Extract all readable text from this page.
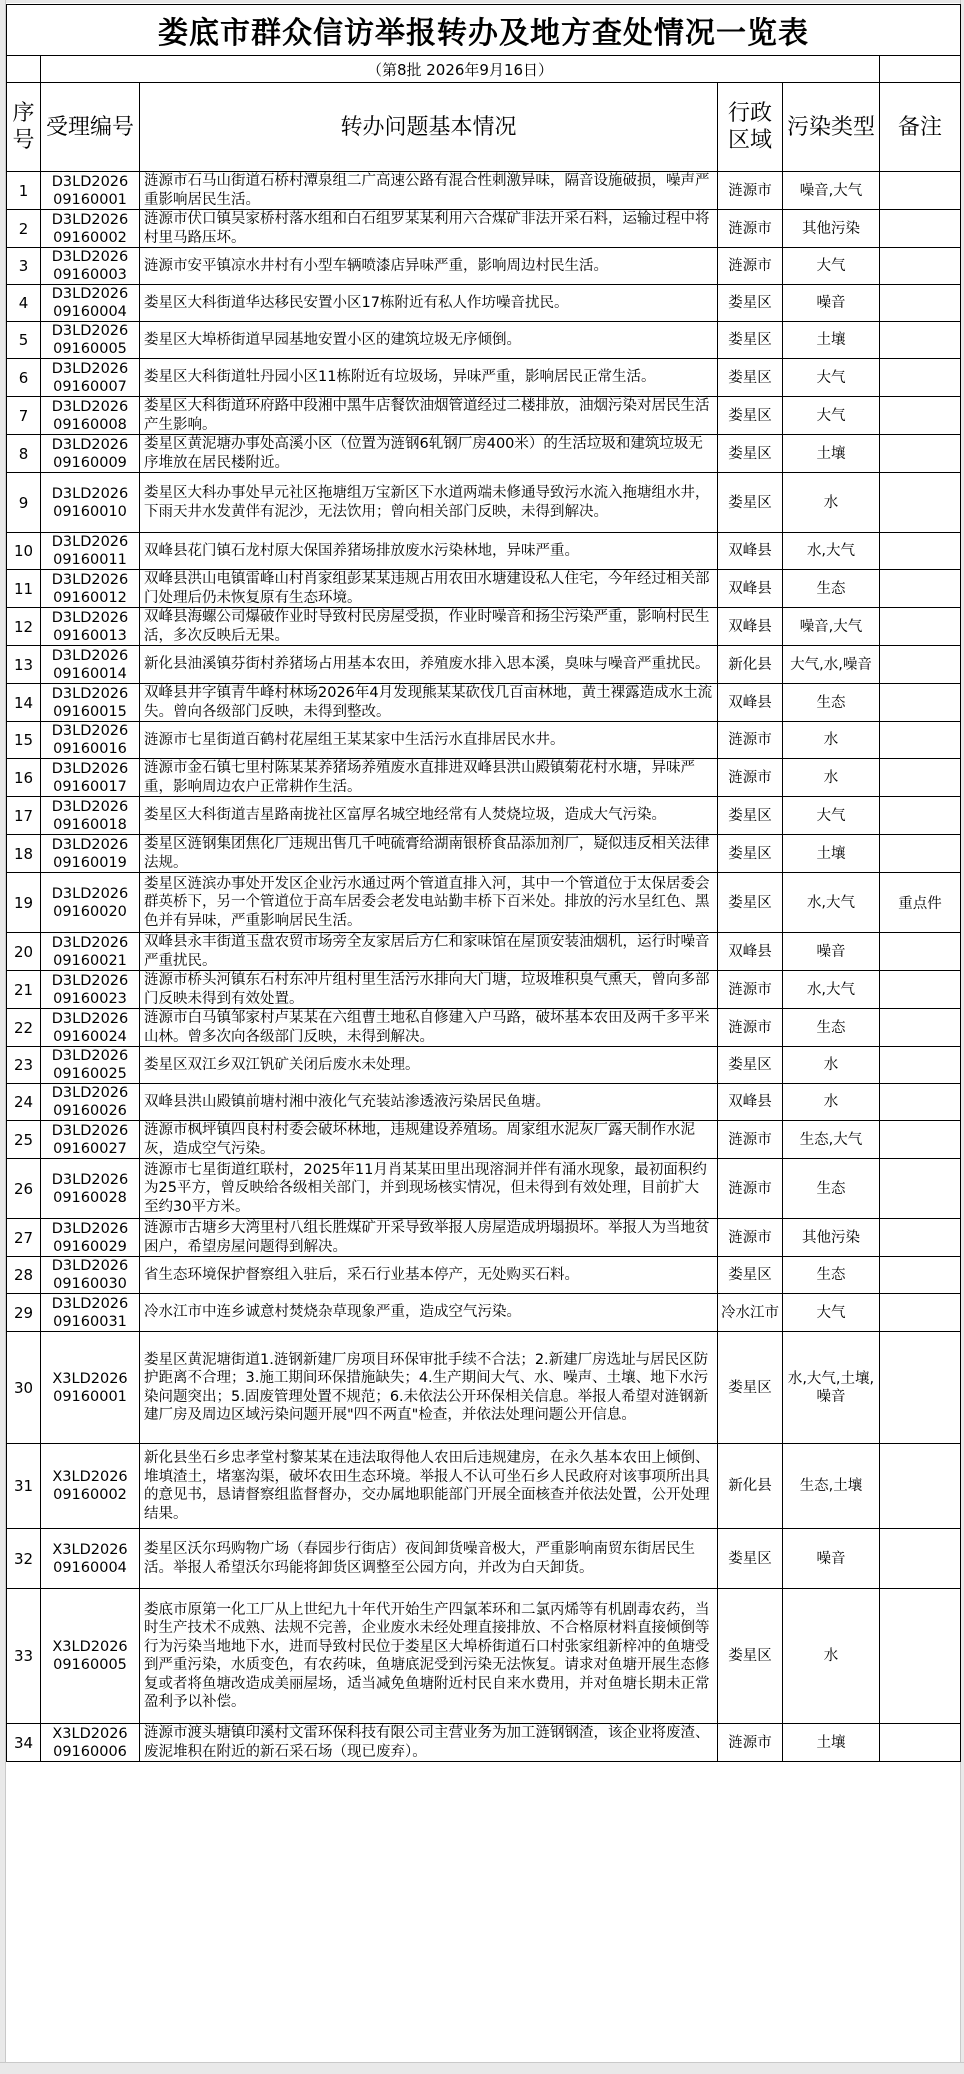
娄底市群众信访举报转办及地方查处情况一览表					
	（第8批 2026年9月16日）				
序号	受理编号	转办问题基本情况	行政区域	污染类型	备注
1	D3LD2026 09160001	涟源市石马山街道石桥村潭泉组二广高速公路有混合性刺激异味，隔音设施破损，噪声严重影响居民生活。	涟源市	噪音,大气	
2	D3LD2026 09160002	涟源市伏口镇吴家桥村落水组和白石组罗某某利用六合煤矿非法开采石料，运输过程中将村里马路压坏。	涟源市	其他污染	
3	D3LD2026 09160003	涟源市安平镇凉水井村有小型车辆喷漆店异味严重，影响周边村民生活。	涟源市	大气	
4	D3LD2026 09160004	娄星区大科街道华达移民安置小区17栋附近有私人作坊噪音扰民。	娄星区	噪音	
5	D3LD2026 09160005	娄星区大埠桥街道早园基地安置小区的建筑垃圾无序倾倒。	娄星区	土壤	
6	D3LD2026 09160007	娄星区大科街道牡丹园小区11栋附近有垃圾场，异味严重，影响居民正常生活。	娄星区	大气	
7	D3LD2026 09160008	娄星区大科街道环府路中段湘中黑牛店餐饮油烟管道经过二楼排放，油烟污染对居民生活产生影响。	娄星区	大气	
8	D3LD2026 09160009	娄星区黄泥塘办事处高溪小区（位置为涟钢6轧钢厂房400米）的生活垃圾和建筑垃圾无序堆放在居民楼附近。	娄星区	土壤	
9	D3LD2026 09160010	娄星区大科办事处早元社区拖塘组万宝新区下水道两端未修通导致污水流入拖塘组水井，下雨天井水发黄伴有泥沙，无法饮用；曾向相关部门反映，未得到解决。	娄星区	水	
10	D3LD2026 09160011	双峰县花门镇石龙村原大保国养猪场排放废水污染林地，异味严重。	双峰县	水,大气	
11	D3LD2026 09160012	双峰县洪山电镇雷峰山村肖家组彭某某违规占用农田水塘建设私人住宅，今年经过相关部门处理后仍未恢复原有生态环境。	双峰县	生态	
12	D3LD2026 09160013	双峰县海螺公司爆破作业时导致村民房屋受损，作业时噪音和扬尘污染严重，影响村民生活，多次反映后无果。	双峰县	噪音,大气	
13	D3LD2026 09160014	新化县油溪镇芬街村养猪场占用基本农田，养殖废水排入思本溪，臭味与噪音严重扰民。	新化县	大气,水,噪音	
14	D3LD2026 09160015	双峰县井字镇青牛峰村林场2026年4月发现熊某某砍伐几百亩林地，黄土裸露造成水土流失。曾向各级部门反映，未得到整改。	双峰县	生态	
15	D3LD2026 09160016	涟源市七星街道百鹤村花屋组王某某家中生活污水直排居民水井。	涟源市	水	
16	D3LD2026 09160017	涟源市金石镇七里村陈某某养猪场养殖废水直排进双峰县洪山殿镇菊花村水塘，异味严重，影响周边农户正常耕作生活。	涟源市	水	
17	D3LD2026 09160018	娄星区大科街道吉星路南拢社区富厚名城空地经常有人焚烧垃圾，造成大气污染。	娄星区	大气	
18	D3LD2026 09160019	娄星区涟钢集团焦化厂违规出售几千吨硫膏给湖南银桥食品添加剂厂，疑似违反相关法律法规。	娄星区	土壤	
19	D3LD2026 09160020	娄星区涟滨办事处开发区企业污水通过两个管道直排入河，其中一个管道位于太保居委会群英桥下，另一个管道位于高车居委会老发电站勤丰桥下百米处。排放的污水呈红色、黑色并有异味，严重影响居民生活。	娄星区	水,大气	重点件
20	D3LD2026 09160021	双峰县永丰街道玉盘农贸市场旁全友家居后方仁和家味馆在屋顶安装油烟机，运行时噪音严重扰民。	双峰县	噪音	
21	D3LD2026 09160023	涟源市桥头河镇东石村东冲片组村里生活污水排向大门塘，垃圾堆积臭气熏天，曾向多部门反映未得到有效处置。	涟源市	水,大气	
22	D3LD2026 09160024	涟源市白马镇邹家村卢某某在六组曹土地私自修建入户马路，破坏基本农田及两千多平米山林。曾多次向各级部门反映，未得到解决。	涟源市	生态	
23	D3LD2026 09160025	娄星区双江乡双江钒矿关闭后废水未处理。	娄星区	水	
24	D3LD2026 09160026	双峰县洪山殿镇前塘村湘中液化气充装站渗透液污染居民鱼塘。	双峰县	水	
25	D3LD2026 09160027	涟源市枫坪镇四良村村委会破坏林地，违规建设养殖场。周家组水泥灰厂露天制作水泥灰，造成空气污染。	涟源市	生态,大气	
26	D3LD2026 09160028	涟源市七星街道红联村，2025年11月肖某某田里出现溶洞并伴有涌水现象，最初面积约为25平方，曾反映给各级相关部门，并到现场核实情况，但未得到有效处理，目前扩大至约30平方米。	涟源市	生态	
27	D3LD2026 09160029	涟源市古塘乡大湾里村八组长胜煤矿开采导致举报人房屋造成坍塌损坏。举报人为当地贫困户，希望房屋问题得到解决。	涟源市	其他污染	
28	D3LD2026 09160030	省生态环境保护督察组入驻后，采石行业基本停产，无处购买石料。	娄星区	生态	
29	D3LD2026 09160031	冷水江市中连乡诚意村焚烧杂草现象严重，造成空气污染。	冷水江市	大气	
30	X3LD2026 09160001	娄星区黄泥塘街道1.涟钢新建厂房项目环保审批手续不合法；2.新建厂房选址与居民区防护距离不合理；3.施工期间环保措施缺失；4.生产期间大气、水、噪声、土壤、地下水污染问题突出；5.固废管理处置不规范；6.未依法公开环保相关信息。举报人希望对涟钢新建厂房及周边区域污染问题开展"四不两直"检查，并依法处理问题公开信息。	娄星区	水,大气,土壤,噪音	
31	X3LD2026 09160002	新化县坐石乡忠孝堂村黎某某在违法取得他人农田后违规建房，在永久基本农田上倾倒、堆填渣土，堵塞沟渠，破坏农田生态环境。举报人不认可坐石乡人民政府对该事项所出具的意见书，恳请督察组监督督办，交办属地职能部门开展全面核查并依法处置，公开处理结果。	新化县	生态,土壤	
32	X3LD2026 09160004	娄星区沃尔玛购物广场（春园步行街店）夜间卸货噪音极大，严重影响南贸东街居民生活。举报人希望沃尔玛能将卸货区调整至公园方向，并改为白天卸货。	娄星区	噪音	
33	X3LD2026 09160005	娄底市原第一化工厂从上世纪九十年代开始生产四氯苯环和二氯丙烯等有机剧毒农药，当时生产技术不成熟、法规不完善，企业废水未经处理直接排放、不合格原材料直接倾倒等行为污染当地地下水，进而导致村民位于娄星区大埠桥街道石口村张家组新梓冲的鱼塘受到严重污染，水质变色，有农药味，鱼塘底泥受到污染无法恢复。请求对鱼塘开展生态修复或者将鱼塘改造成美丽屋场，适当减免鱼塘附近村民自来水费用，并对鱼塘长期未正常盈利予以补偿。	娄星区	水	
34	X3LD2026 09160006	涟源市渡头塘镇印溪村文雷环保科技有限公司主营业务为加工涟钢钢渣，该企业将废渣、废泥堆积在附近的新石采石场（现已废弃）。	涟源市	土壤	
